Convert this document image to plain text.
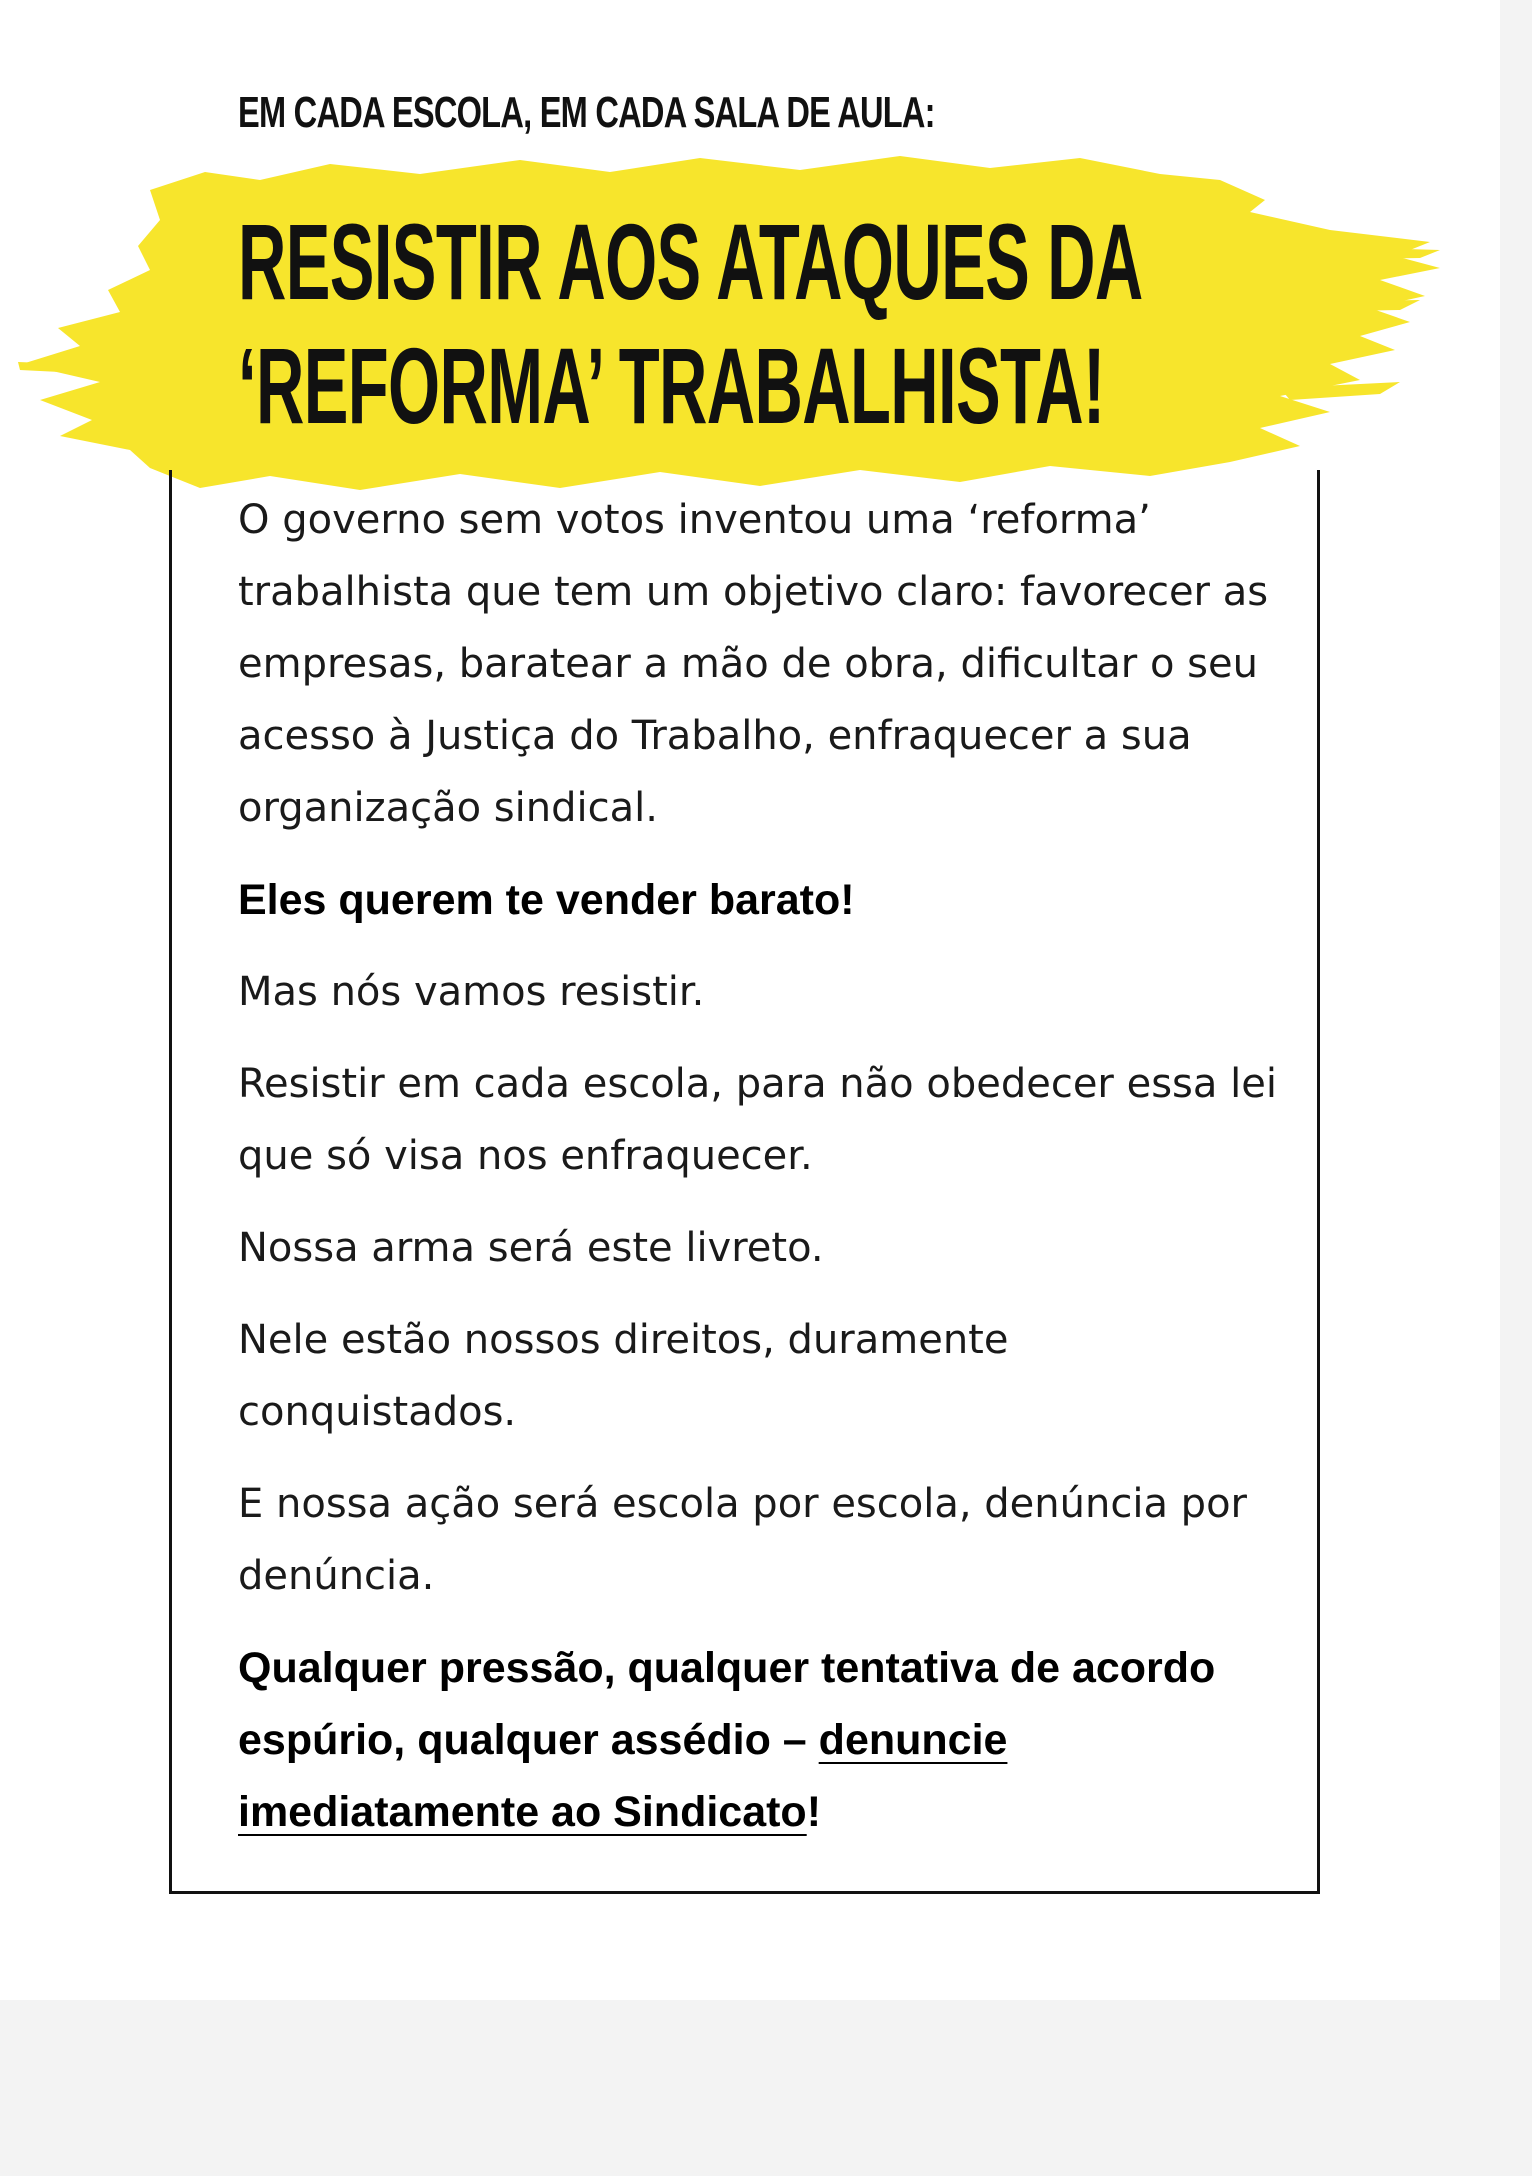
EM CADA ESCOLA, EM CADA SALA DE AULA:
RESISTIR AOS ATAQUES DA
‘REFORMA’ TRABALHISTA!

O governo sem votos inventou uma ‘reforma’ trabalhista que tem um objetivo claro: favorecer as empresas, baratear a mão de obra, dificultar o seu acesso à Justiça do Trabalho, enfraquecer a sua organização sindical.

Eles querem te vender barato!

Mas nós vamos resistir.

Resistir em cada escola, para não obedecer essa lei que só visa nos enfraquecer.

Nossa arma será este livreto.

Nele estão nossos direitos, duramente conquistados.

E nossa ação será escola por escola, denúncia por denúncia.

Qualquer pressão, qualquer tentativa de acordo espúrio, qualquer assédio – denuncie imediatamente ao Sindicato!
